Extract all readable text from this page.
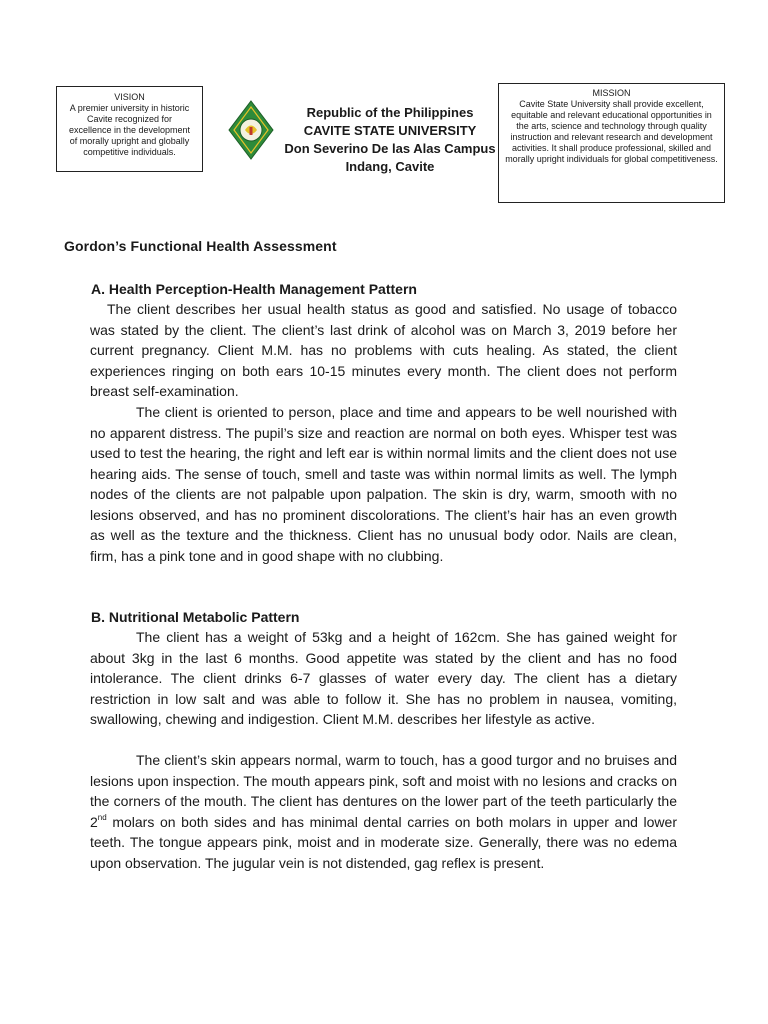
VISION
A premier university in historic Cavite recognized for excellence in the development of morally upright and globally competitive individuals.
Republic of the Philippines
CAVITE STATE UNIVERSITY
Don Severino De las Alas Campus
Indang, Cavite
MISSION
Cavite State University shall provide excellent, equitable and relevant educational opportunities in the arts, science and technology through quality instruction and relevant research and development activities. It shall produce professional, skilled and morally upright individuals for global competitiveness.
Gordon’s Functional Health Assessment
A. Health Perception-Health Management Pattern

The client describes her usual health status as good and satisfied. No usage of tobacco was stated by the client. The client’s last drink of alcohol was on March 3, 2019 before her current pregnancy. Client M.M. has no problems with cuts healing. As stated, the client experiences ringing on both ears 10-15 minutes every month. The client does not perform breast self-examination.

The client is oriented to person, place and time and appears to be well nourished with no apparent distress. The pupil’s size and reaction are normal on both eyes. Whisper test was used to test the hearing, the right and left ear is within normal limits and the client does not use hearing aids. The sense of touch, smell and taste was within normal limits as well. The lymph nodes of the clients are not palpable upon palpation. The skin is dry, warm, smooth with no lesions observed, and has no prominent discolorations. The client’s hair has an even growth as well as the texture and the thickness. Client has no unusual body odor. Nails are clean, firm, has a pink tone and in good shape with no clubbing.

B. Nutritional Metabolic Pattern

The client has a weight of 53kg and a height of 162cm. She has gained weight for about 3kg in the last 6 months. Good appetite was stated by the client and has no food intolerance. The client drinks 6-7 glasses of water every day. The client has a dietary restriction in low salt and was able to follow it. She has no problem in nausea, vomiting, swallowing, chewing and indigestion. Client M.M. describes her lifestyle as active.

The client’s skin appears normal, warm to touch, has a good turgor and no bruises and lesions upon inspection. The mouth appears pink, soft and moist with no lesions and cracks on the corners of the mouth. The client has dentures on the lower part of the teeth particularly the 2nd molars on both sides and has minimal dental carries on both molars in upper and lower teeth. The tongue appears pink, moist and in moderate size. Generally, there was no edema upon observation. The jugular vein is not distended, gag reflex is present.
